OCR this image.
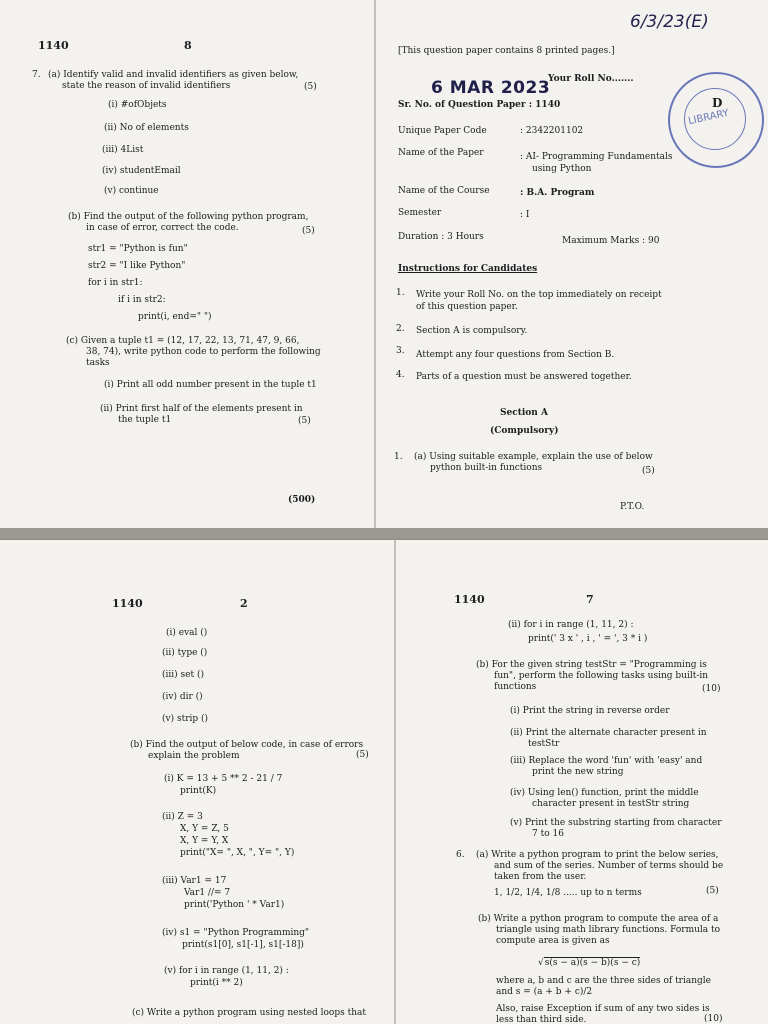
1140	8
7. (a) Identify valid and invalid identifiers as given below,
state the reason of invalid identifiers	(5)
(i) #ofObjets
(ii) No of elements
(iii) 4List
(iv) studentEmail
(v) continue
(b) Find the output of the following python program,
in case of error, correct the code.	(5)
str1 = "Python is fun"
str2 = "I like Python"
for i in str1:
if i in str2:
print(i, end=" ")
(c) Given a tuple t1 = (12, 17, 22, 13, 71, 47, 9, 66,
38, 74), write python code to perform the following
tasks
(i) Print all odd number present in the tuple t1
(ii) Print first half of the elements present in
the tuple t1	(5)
(500)
6/3/23(E)
[This question paper contains 8 printed pages.]
6 MAR 2023
Your Roll No.......
LIBRARY
Sr. No. of Question Paper : 1140	D
Unique Paper Code	: 2342201102
Name of the Paper	: AI- Programming Fundamentals
using Python
Name of the Course	: B.A. Program
Semester	: I
Duration : 3 Hours	Maximum Marks : 90
Instructions for Candidates
1. Write your Roll No. on the top immediately on receipt
of this question paper.
2. Section A is compulsory.
3. Attempt any four questions from Section B.
4. Parts of a question must be answered together.
Section A
(Compulsory)
1. (a) Using suitable example, explain the use of below
python built-in functions	(5)
P.T.O.
1140	2
(i) eval ()
(ii) type ()
(iii) set ()
(iv) dir ()
(v) strip ()
(b) Find the output of below code, in case of errors
explain the problem	(5)
(i) K = 13 + 5 ** 2 - 21 / 7
print(K)
(ii) Z = 3
X, Y = Z, 5
X, Y = Y, X
print("X= ", X, ", Y= ", Y)
(iii) Var1 = 17
Var1 //= 7
print('Python ' * Var1)
(iv) s1 = "Python Programming"
print(s1[0], s1[-1], s1[-18])
(v) for i in range (1, 11, 2) :
print(i ** 2)
(c) Write a python program using nested loops that
1140	7
(ii) for i in range (1, 11, 2) :
print(' 3 x ' , i , ' = ', 3 * i )
(b) For the given string testStr = "Programming is
fun", perform the following tasks using built-in
functions	(10)
(i) Print the string in reverse order
(ii) Print the alternate character present in
testStr
(iii) Replace the word 'fun' with 'easy' and
print the new string
(iv) Using len() function, print the middle
character present in testStr string
(v) Print the substring starting from character
7 to 16
6. (a) Write a python program to print the below series,
and sum of the series. Number of terms should be
taken from the user.
1, 1/2, 1/4, 1/8 ..... up to n terms	(5)
(b) Write a python program to compute the area of a
triangle using math library functions. Formula to
compute area is given as
√s(s − a)(s − b)(s − c)
where a, b and c are the three sides of triangle
and s = (a + b + c)/2
Also, raise Exception if sum of any two sides is
less than third side.	(10)
